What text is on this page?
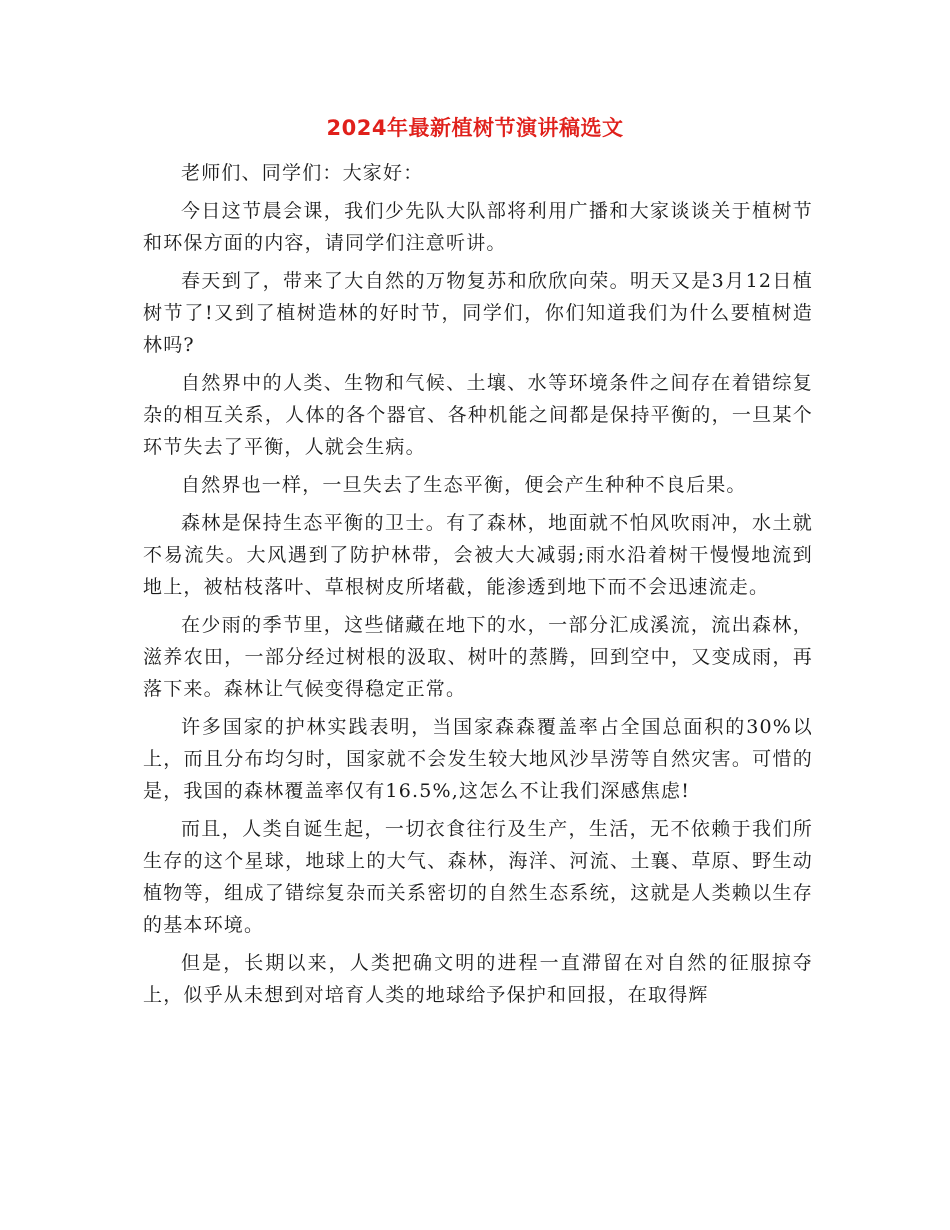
2024年最新植树节演讲稿选文

老师们、同学们：大家好：

今日这节晨会课，我们少先队大队部将利用广播和大家谈谈关于植树节和环保方面的内容，请同学们注意听讲。

春天到了，带来了大自然的万物复苏和欣欣向荣。明天又是3月12日植树节了!又到了植树造林的好时节，同学们，你们知道我们为什么要植树造林吗?

自然界中的人类、生物和气候、土壤、水等环境条件之间存在着错综复杂的相互关系，人体的各个器官、各种机能之间都是保持平衡的，一旦某个环节失去了平衡，人就会生病。

自然界也一样，一旦失去了生态平衡，便会产生种种不良后果。

森林是保持生态平衡的卫士。有了森林，地面就不怕风吹雨冲，水土就不易流失。大风遇到了防护林带，会被大大减弱;雨水沿着树干慢慢地流到地上，被枯枝落叶、草根树皮所堵截，能渗透到地下而不会迅速流走。

在少雨的季节里，这些储藏在地下的水，一部分汇成溪流，流出森林，滋养农田，一部分经过树根的汲取、树叶的蒸腾，回到空中，又变成雨，再落下来。森林让气候变得稳定正常。

许多国家的护林实践表明，当国家森森覆盖率占全国总面积的30%以上，而且分布均匀时，国家就不会发生较大地风沙旱涝等自然灾害。可惜的是，我国的森林覆盖率仅有16.5%,这怎么不让我们深感焦虑!

而且，人类自诞生起，一切衣食往行及生产，生活，无不依赖于我们所生存的这个星球，地球上的大气、森林，海洋、河流、土襄、草原、野生动植物等，组成了错综复杂而关系密切的自然生态系统，这就是人类赖以生存的基本环境。

但是，长期以来，人类把确文明的进程一直滞留在对自然的征服掠夺上，似乎从未想到对培育人类的地球给予保护和回报，在取得辉
